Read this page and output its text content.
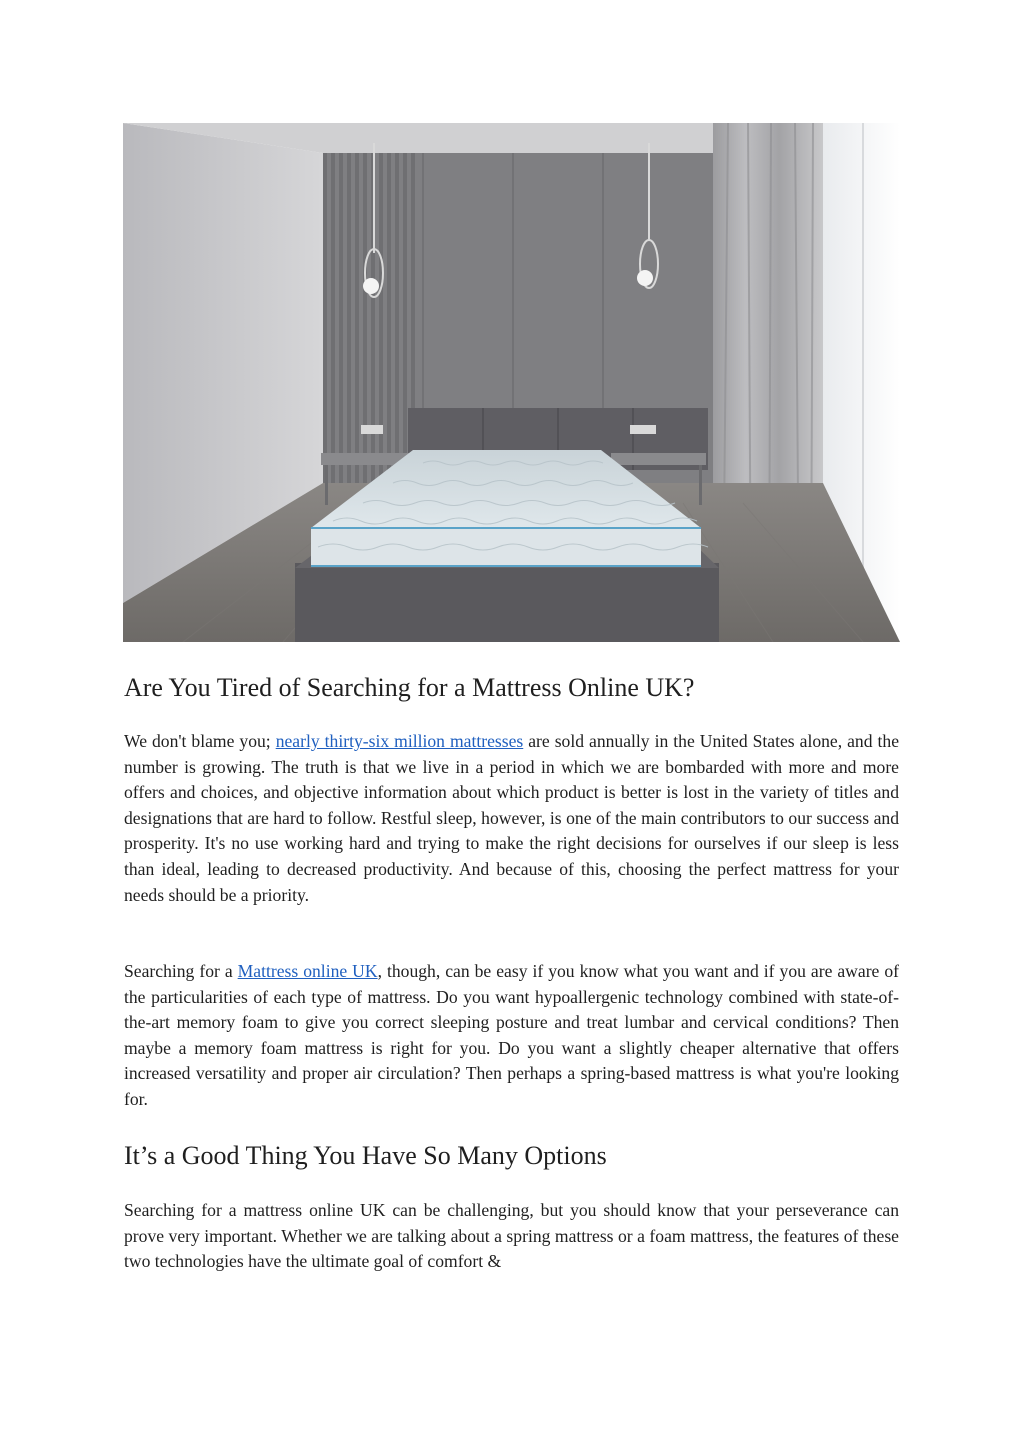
Are You Tired of Searching for a Mattress Online UK?

We don't blame you; nearly thirty-six million mattresses are sold annually in the United States alone, and the number is growing. The truth is that we live in a period in which we are bombarded with more and more offers and choices, and objective information about which product is better is lost in the variety of titles and designations that are hard to follow. Restful sleep, however, is one of the main contributors to our success and prosperity. It's no use working hard and trying to make the right decisions for ourselves if our sleep is less than ideal, leading to decreased productivity. And because of this, choosing the perfect mattress for your needs should be a priority.

Searching for a Mattress online UK, though, can be easy if you know what you want and if you are aware of the particularities of each type of mattress. Do you want hypoallergenic technology combined with state-of-the-art memory foam to give you correct sleeping posture and treat lumbar and cervical conditions? Then maybe a memory foam mattress is right for you. Do you want a slightly cheaper alternative that offers increased versatility and proper air circulation? Then perhaps a spring-based mattress is what you're looking for.

It’s a Good Thing You Have So Many Options

Searching for a mattress online UK can be challenging, but you should know that your perseverance can prove very important. Whether we are talking about a spring mattress or a foam mattress, the features of these two technologies have the ultimate goal of comfort &
